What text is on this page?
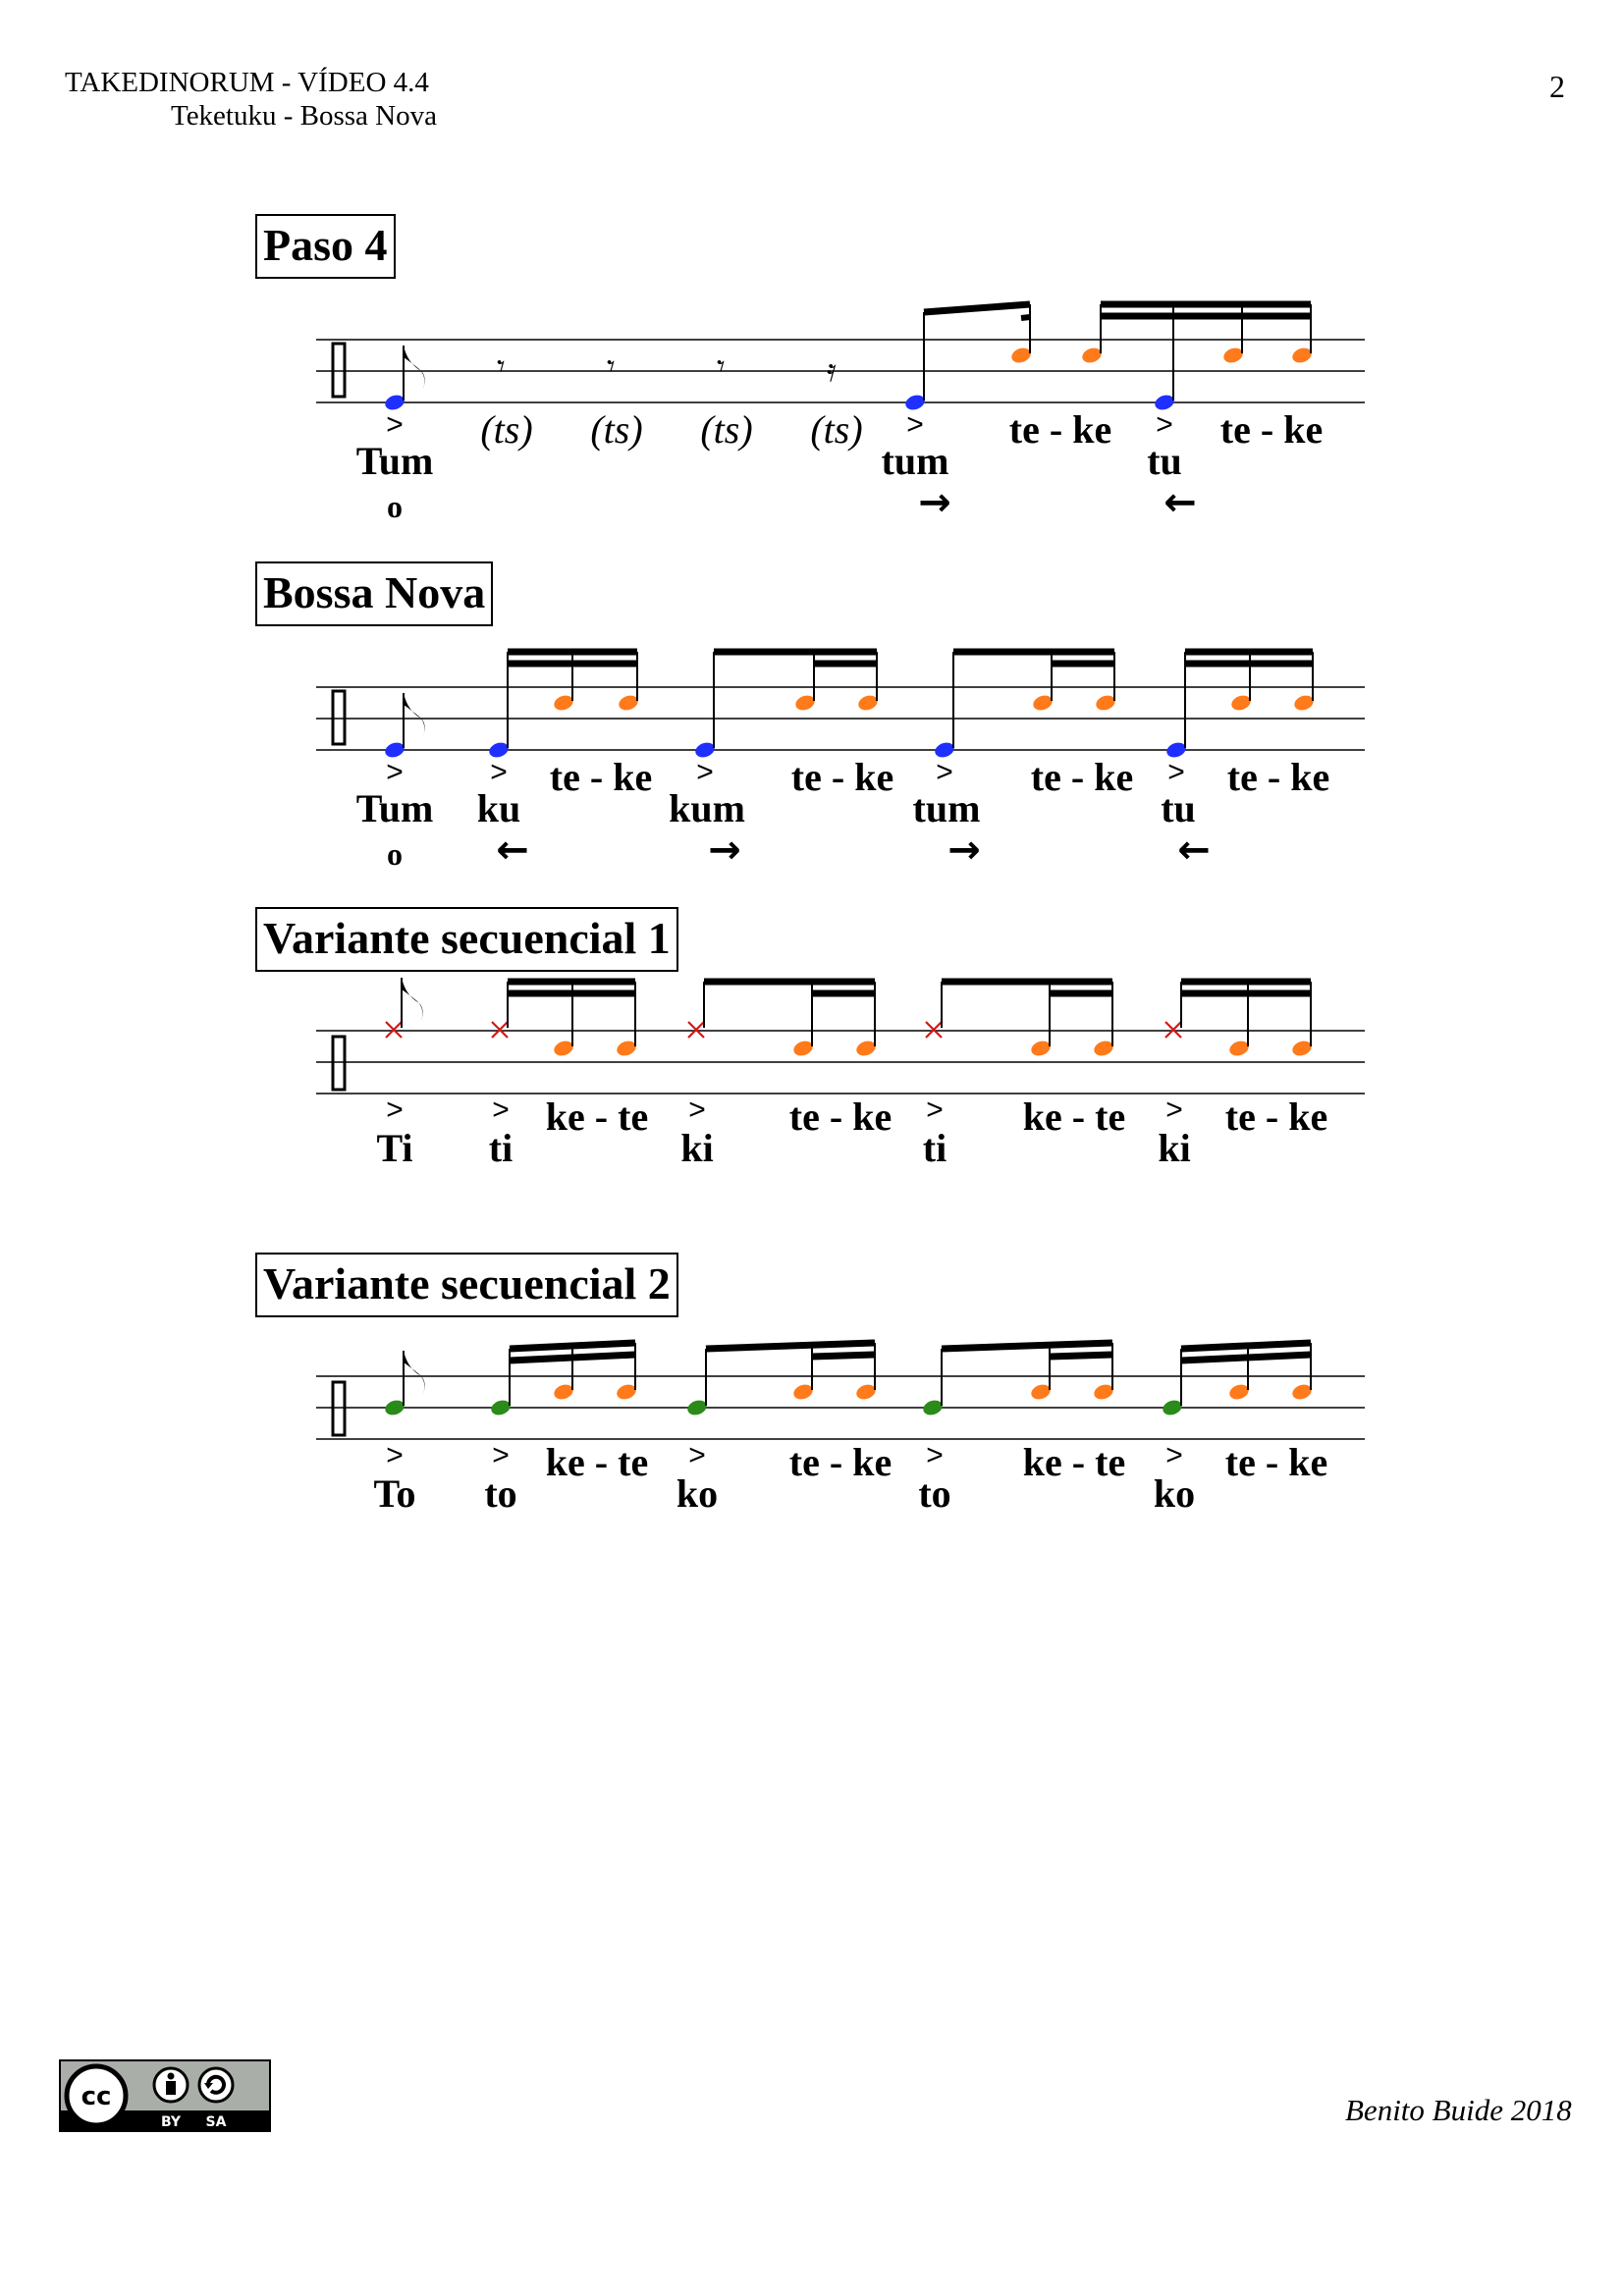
TAKEDINORUM - VÍDEO 4.4
Teketuku - Bossa Nova
2
Paso 4
𝄾	𝄾	𝄾	𝄿
>	>	>
Tum
(ts) (ts) (ts) (ts)
tum
te - ke
tu
te - ke
o	→	←
Bossa Nova
>	>	>	>	>
Tum ku
te - ke
kum
te - ke
tum
te - ke
tu
te - ke
o ←	→	→	←
Variante secuencial 1
>	>	>	>	>
Ti ti
ke - te
ki
te - ke
ti
ke - te
ki
te - ke
Variante secuencial 2
>	>	>	>	>
To to
ke - te
ko
te - ke
to
ke - te
ko
te - ke
cc
BY SA	Benito Buide 2018
